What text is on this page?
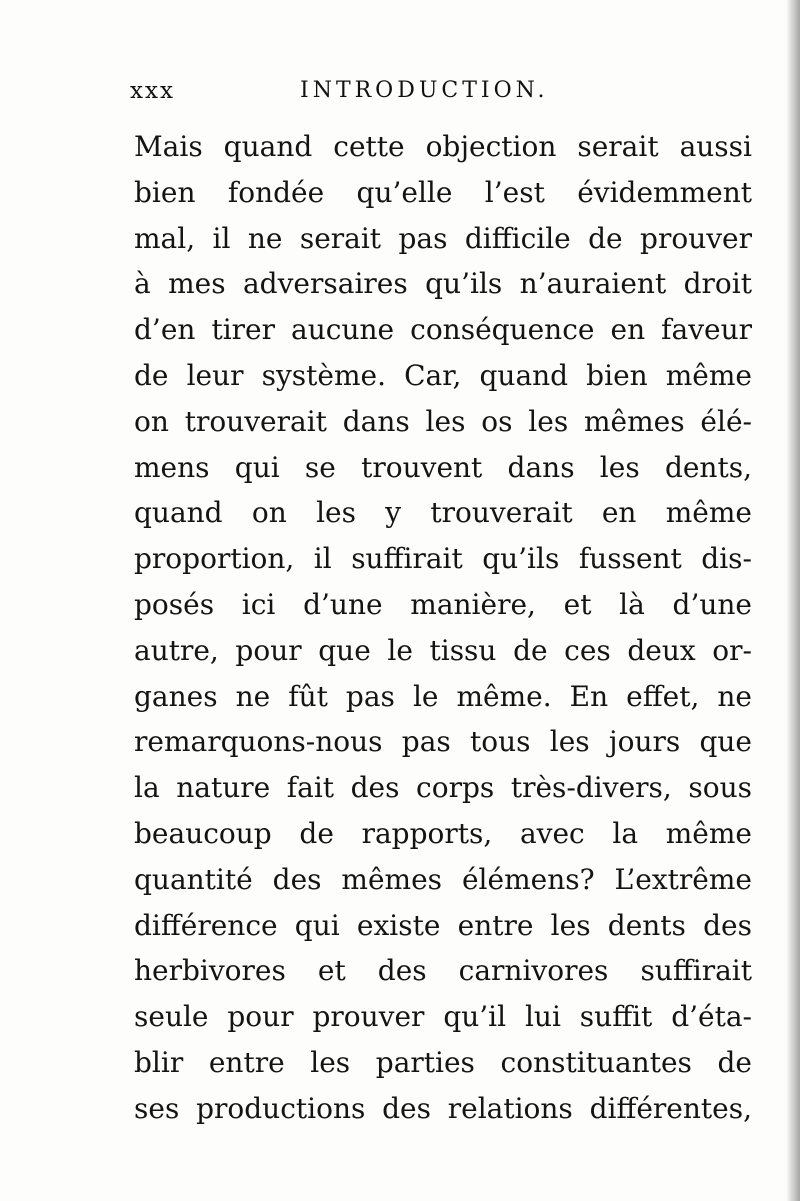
xxx	INTRODUCTION.
Mais quand cette objection serait aussi
bien fondée qu’elle l’est évidemment
mal, il ne serait pas difficile de prouver
à mes adversaires qu’ils n’auraient droit
d’en tirer aucune conséquence en faveur
de leur système. Car, quand bien même
on trouverait dans les os les mêmes élé-
mens qui se trouvent dans les dents,
quand on les y trouverait en même
proportion, il suffirait qu’ils fussent dis-
posés ici d’une manière, et là d’une
autre, pour que le tissu de ces deux or-
ganes ne fût pas le même. En effet, ne
remarquons-nous pas tous les jours que
la nature fait des corps très-divers, sous
beaucoup de rapports, avec la même
quantité des mêmes élémens? L’extrême
différence qui existe entre les dents des
herbivores et des carnivores suffirait
seule pour prouver qu’il lui suffit d’éta-
blir entre les parties constituantes de
ses productions des relations différentes,
